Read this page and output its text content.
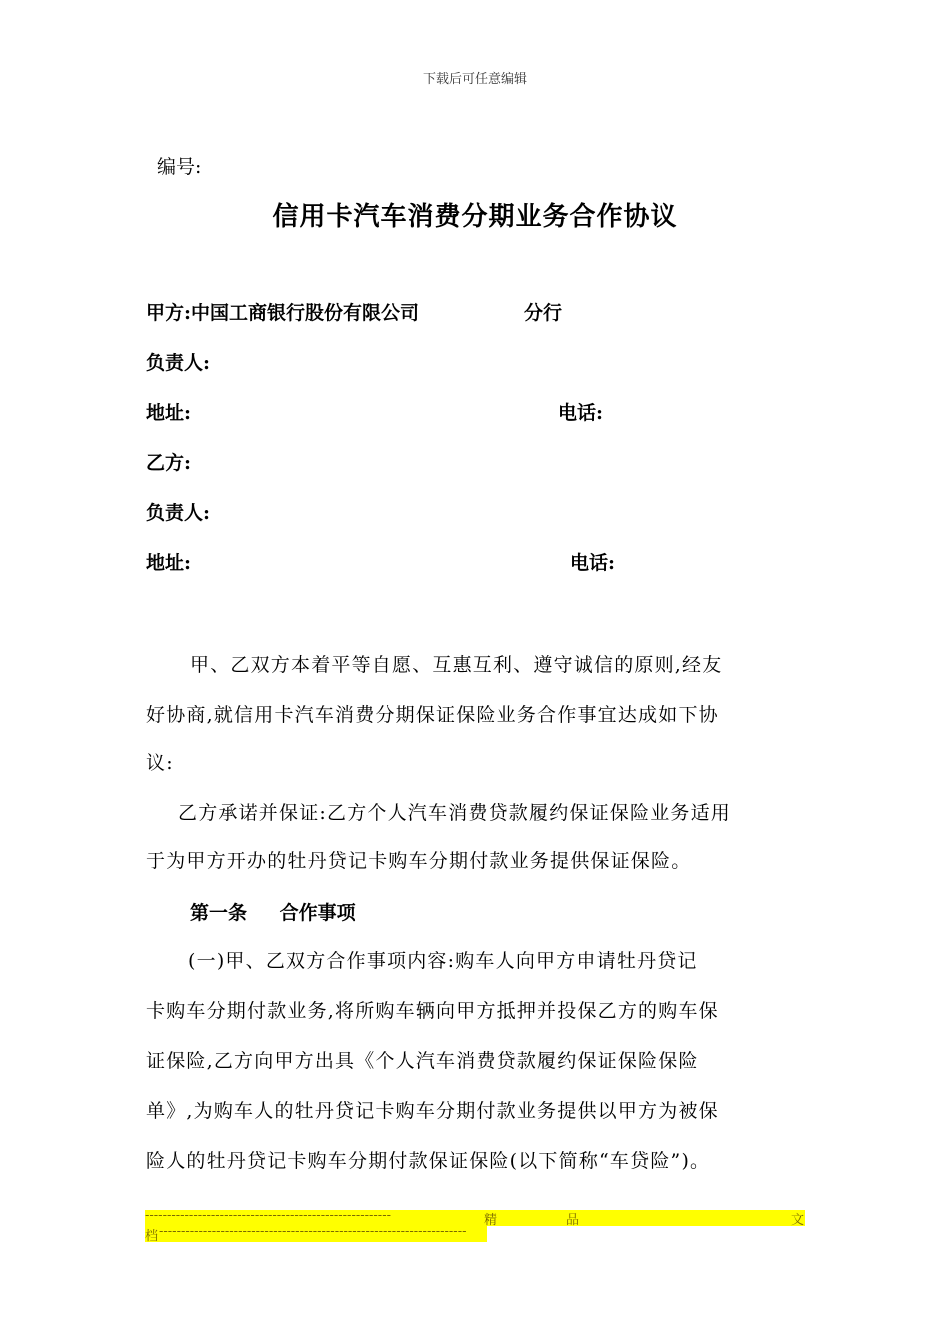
下载后可任意编辑
编号:
信用卡汽车消费分期业务合作协议
甲方:中国工商银行股份有限公司	分行
负责人:
地址:	电话:
乙方:
负责人:
地址:	电话:
甲、乙双方本着平等自愿、互惠互利、遵守诚信的原则,经友
好协商,就信用卡汽车消费分期保证保险业务合作事宜达成如下协
议:
乙方承诺并保证:乙方个人汽车消费贷款履约保证保险业务适用
于为甲方开办的牡丹贷记卡购车分期付款业务提供保证保险。
第一条 合作事项
(一)甲、乙双方合作事项内容:购车人向甲方申请牡丹贷记
卡购车分期付款业务,将所购车辆向甲方抵押并投保乙方的购车保
证保险,乙方向甲方出具《个人汽车消费贷款履约保证保险保险
单》,为购车人的牡丹贷记卡购车分期付款业务提供以甲方为被保
险人的牡丹贷记卡购车分期付款保证保险(以下简称“车贷险”)。
--------------------------------------------------------	精	品	文
档 ----------------------------------------------------------------------
